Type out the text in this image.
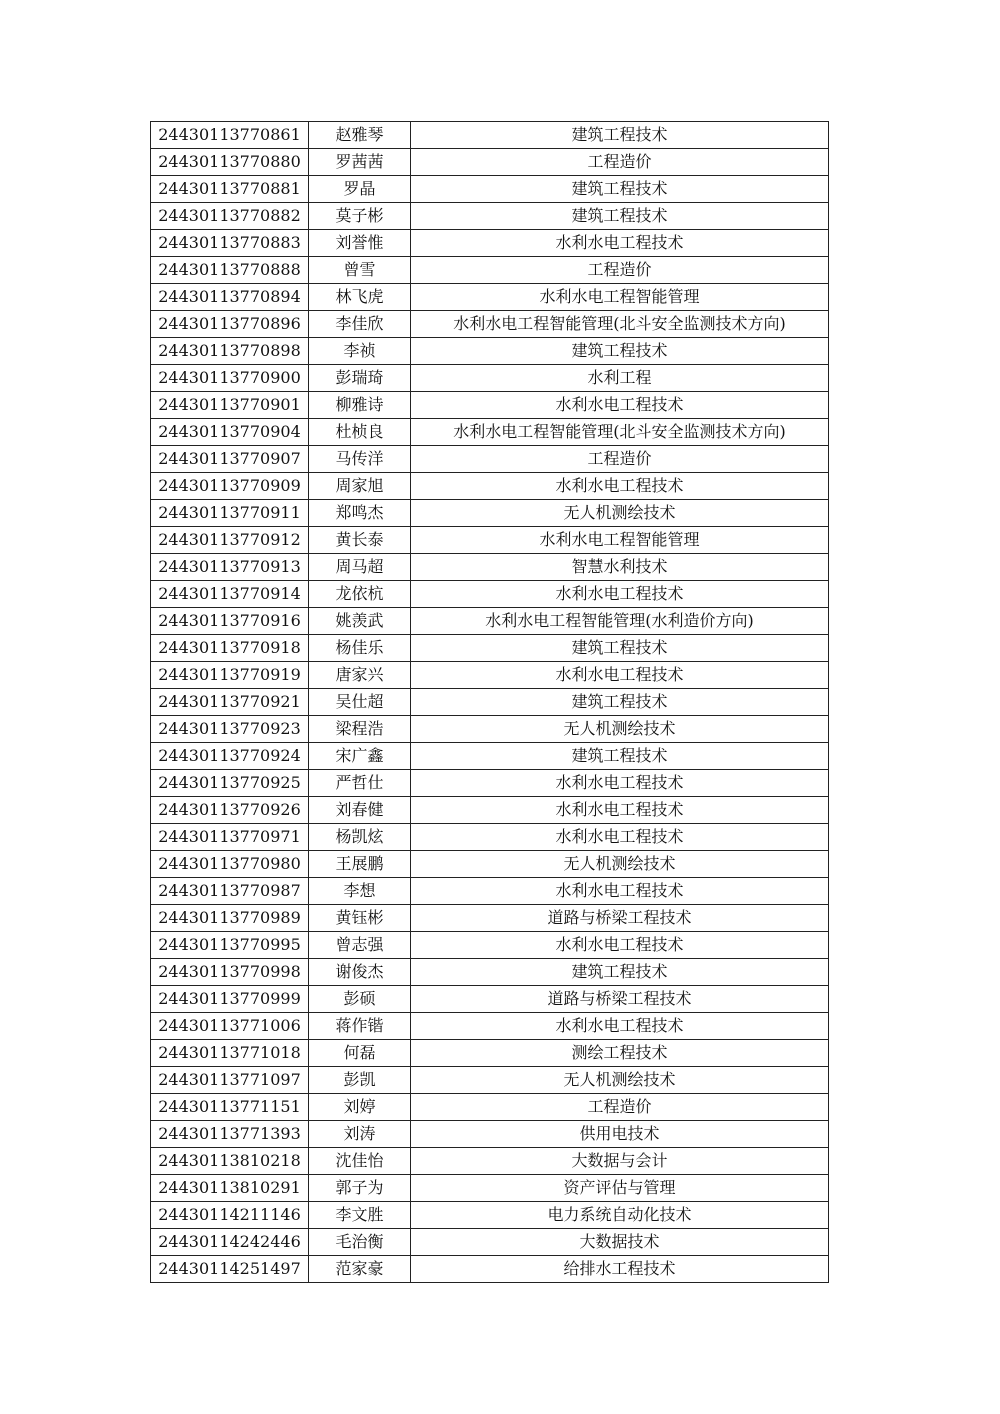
24430113770861	赵雅琴	建筑工程技术
24430113770880	罗茜茜	工程造价
24430113770881	罗晶	建筑工程技术
24430113770882	莫子彬	建筑工程技术
24430113770883	刘誉惟	水利水电工程技术
24430113770888	曾雪	工程造价
24430113770894	林飞虎	水利水电工程智能管理
24430113770896	李佳欣	水利水电工程智能管理(北斗安全监测技术方向)
24430113770898	李祯	建筑工程技术
24430113770900	彭瑞琦	水利工程
24430113770901	柳雅诗	水利水电工程技术
24430113770904	杜桢良	水利水电工程智能管理(北斗安全监测技术方向)
24430113770907	马传洋	工程造价
24430113770909	周家旭	水利水电工程技术
24430113770911	郑鸣杰	无人机测绘技术
24430113770912	黄长泰	水利水电工程智能管理
24430113770913	周马超	智慧水利技术
24430113770914	龙依杭	水利水电工程技术
24430113770916	姚羡武	水利水电工程智能管理(水利造价方向)
24430113770918	杨佳乐	建筑工程技术
24430113770919	唐家兴	水利水电工程技术
24430113770921	吴仕超	建筑工程技术
24430113770923	梁程浩	无人机测绘技术
24430113770924	宋广鑫	建筑工程技术
24430113770925	严哲仕	水利水电工程技术
24430113770926	刘春健	水利水电工程技术
24430113770971	杨凯炫	水利水电工程技术
24430113770980	王展鹏	无人机测绘技术
24430113770987	李想	水利水电工程技术
24430113770989	黄钰彬	道路与桥梁工程技术
24430113770995	曾志强	水利水电工程技术
24430113770998	谢俊杰	建筑工程技术
24430113770999	彭硕	道路与桥梁工程技术
24430113771006	蒋作锴	水利水电工程技术
24430113771018	何磊	测绘工程技术
24430113771097	彭凯	无人机测绘技术
24430113771151	刘婷	工程造价
24430113771393	刘涛	供用电技术
24430113810218	沈佳怡	大数据与会计
24430113810291	郭子为	资产评估与管理
24430114211146	李文胜	电力系统自动化技术
24430114242446	毛治衡	大数据技术
24430114251497	范家豪	给排水工程技术
